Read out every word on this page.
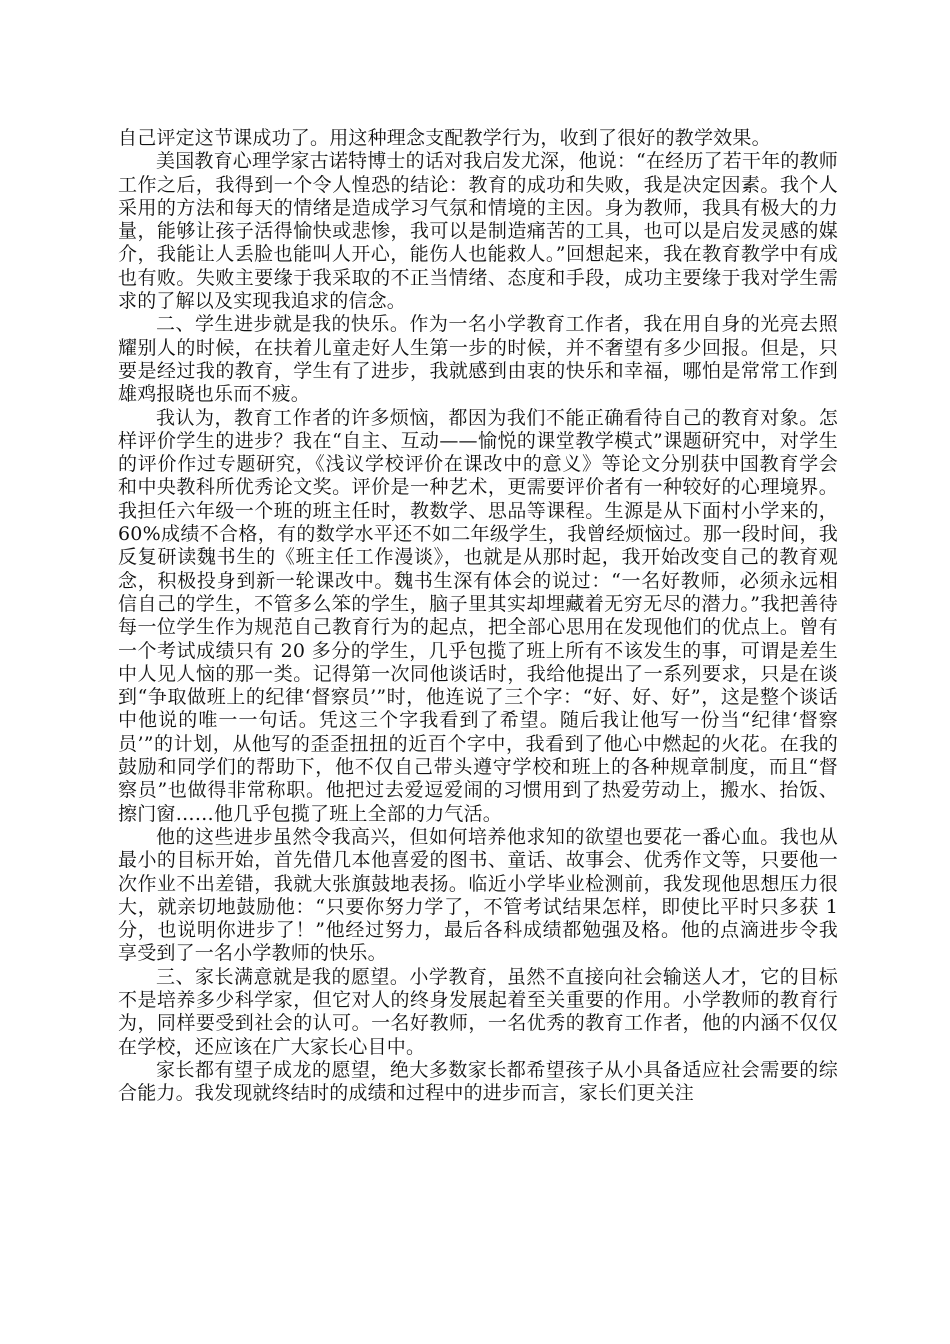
自己评定这节课成功了。用这种理念支配教学行为，收到了很好的教学效果。

美国教育心理学家古诺特博士的话对我启发尤深，他说：“在经历了若干年的教师工作之后，我得到一个令人惶恐的结论：教育的成功和失败，我是决定因素。我个人采用的方法和每天的情绪是造成学习气氛和情境的主因。身为教师，我具有极大的力量，能够让孩子活得愉快或悲惨，我可以是制造痛苦的工具，也可以是启发灵感的媒介，我能让人丢脸也能叫人开心，能伤人也能救人。”回想起来，我在教育教学中有成也有败。失败主要缘于我采取的不正当情绪、态度和手段，成功主要缘于我对学生需求的了解以及实现我追求的信念。

二、学生进步就是我的快乐。作为一名小学教育工作者，我在用自身的光亮去照耀别人的时候，在扶着儿童走好人生第一步的时候，并不奢望有多少回报。但是，只要是经过我的教育，学生有了进步，我就感到由衷的快乐和幸福，哪怕是常常工作到雄鸡报晓也乐而不疲。

我认为，教育工作者的许多烦恼，都因为我们不能正确看待自己的教育对象。怎样评价学生的进步？我在“自主、互动——愉悦的课堂教学模式”课题研究中，对学生的评价作过专题研究，《浅议学校评价在课改中的意义》等论文分别获中国教育学会和中央教科所优秀论文奖。评价是一种艺术，更需要评价者有一种较好的心理境界。我担任六年级一个班的班主任时，教数学、思品等课程。生源是从下面村小学来的，60%成绩不合格，有的数学水平还不如二年级学生，我曾经烦恼过。那一段时间，我反复研读魏书生的《班主任工作漫谈》，也就是从那时起，我开始改变自己的教育观念，积极投身到新一轮课改中。魏书生深有体会的说过：“一名好教师，必须永远相信自己的学生，不管多么笨的学生，脑子里其实却埋藏着无穷无尽的潜力。”我把善待每一位学生作为规范自己教育行为的起点，把全部心思用在发现他们的优点上。曾有一个考试成绩只有 20 多分的学生，几乎包揽了班上所有不该发生的事，可谓是差生中人见人恼的那一类。记得第一次同他谈话时，我给他提出了一系列要求，只是在谈到“争取做班上的纪律‘督察员’”时，他连说了三个字：“好、好、好”，这是整个谈话中他说的唯一一句话。凭这三个字我看到了希望。随后我让他写一份当“纪律‘督察员’”的计划，从他写的歪歪扭扭的近百个字中，我看到了他心中燃起的火花。在我的鼓励和同学们的帮助下，他不仅自己带头遵守学校和班上的各种规章制度，而且“督察员”也做得非常称职。他把过去爱逗爱闹的习惯用到了热爱劳动上，搬水、抬饭、擦门窗……他几乎包揽了班上全部的力气活。

他的这些进步虽然令我高兴，但如何培养他求知的欲望也要花一番心血。我也从最小的目标开始，首先借几本他喜爱的图书、童话、故事会、优秀作文等，只要他一次作业不出差错，我就大张旗鼓地表扬。临近小学毕业检测前，我发现他思想压力很大，就亲切地鼓励他：“只要你努力学了，不管考试结果怎样，即使比平时只多获 1 分，也说明你进步了！”他经过努力，最后各科成绩都勉强及格。他的点滴进步令我享受到了一名小学教师的快乐。

三、家长满意就是我的愿望。小学教育，虽然不直接向社会输送人才，它的目标不是培养多少科学家，但它对人的终身发展起着至关重要的作用。小学教师的教育行为，同样要受到社会的认可。一名好教师，一名优秀的教育工作者，他的内涵不仅仅在学校，还应该在广大家长心目中。

家长都有望子成龙的愿望，绝大多数家长都希望孩子从小具备适应社会需要的综合能力。我发现就终结时的成绩和过程中的进步而言，家长们更关注
